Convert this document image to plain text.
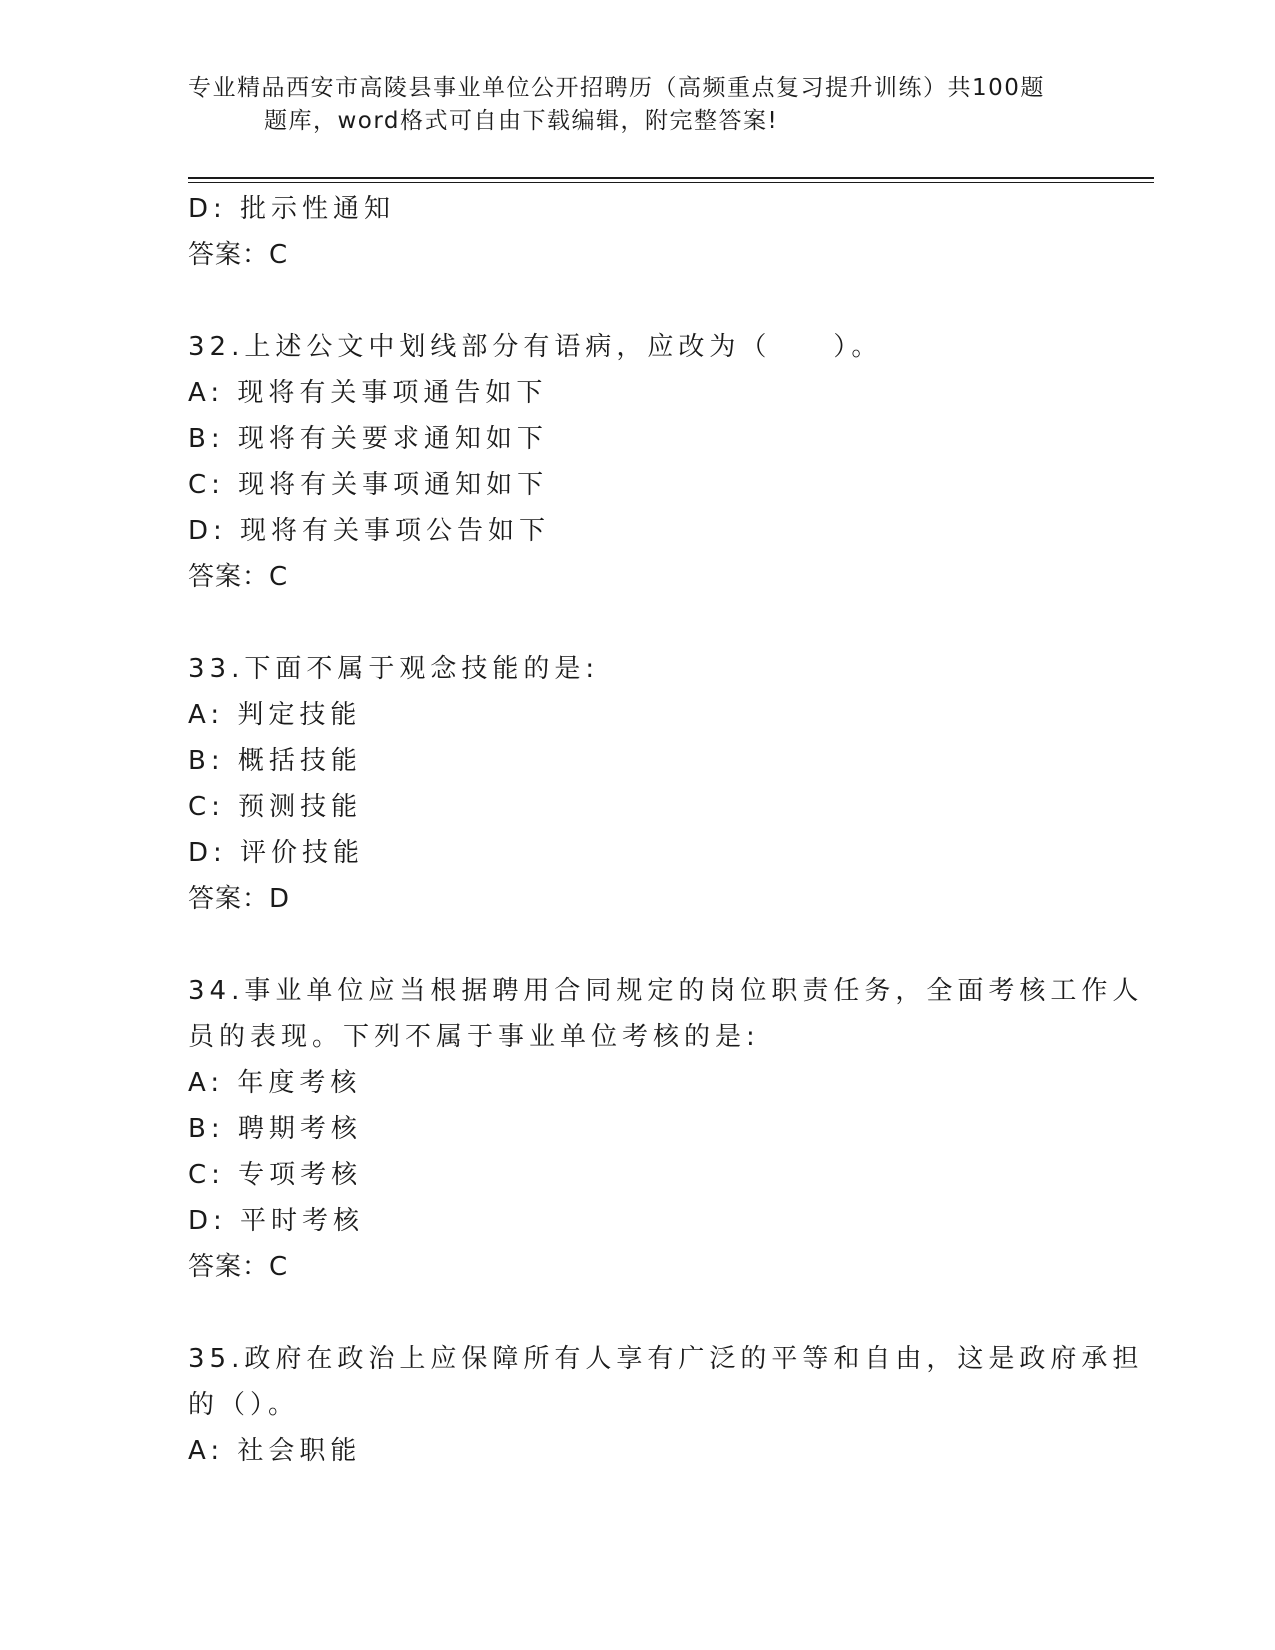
专业精品西安市高陵县事业单位公开招聘历（高频重点复习提升训练）共100题
题库，word格式可自由下载编辑，附完整答案!
D: 批示性通知
答案：C
32.上述公文中划线部分有语病，应改为（　　）。
A: 现将有关事项通告如下
B: 现将有关要求通知如下
C: 现将有关事项通知如下
D: 现将有关事项公告如下
答案：C
33.下面不属于观念技能的是:
A: 判定技能
B: 概括技能
C: 预测技能
D: 评价技能
答案：D
34.事业单位应当根据聘用合同规定的岗位职责任务，全面考核工作人
员的表现。下列不属于事业单位考核的是:
A: 年度考核
B: 聘期考核
C: 专项考核
D: 平时考核
答案：C
35.政府在政治上应保障所有人享有广泛的平等和自由，这是政府承担
的（）。
A: 社会职能
